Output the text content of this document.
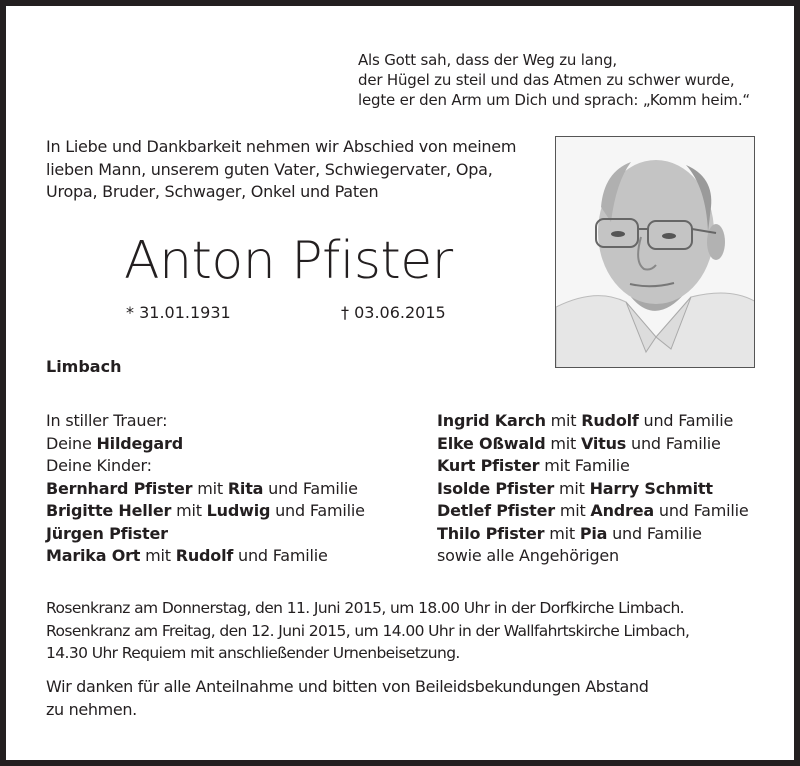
Als Gott sah, dass der Weg zu lang,
der Hügel zu steil und das Atmen zu schwer wurde,
legte er den Arm um Dich und sprach: „Komm heim.“
In Liebe und Dankbarkeit nehmen wir Abschied von meinem
lieben Mann, unserem guten Vater, Schwiegervater, Opa,
Uropa, Bruder, Schwager, Onkel und Paten
Anton Pfister
* 31.01.1931	† 03.06.2015
Limbach
In stiller Trauer:
Deine Hildegard
Deine Kinder:
Bernhard Pfister mit Rita und Familie
Brigitte Heller mit Ludwig und Familie
Jürgen Pfister
Marika Ort mit Rudolf und Familie
Ingrid Karch mit Rudolf und Familie
Elke Oßwald mit Vitus und Familie
Kurt Pfister mit Familie
Isolde Pfister mit Harry Schmitt
Detlef Pfister mit Andrea und Familie
Thilo Pfister mit Pia und Familie
sowie alle Angehörigen
Rosenkranz am Donnerstag, den 11. Juni 2015, um 18.00 Uhr in der Dorfkirche Limbach.
Rosenkranz am Freitag, den 12. Juni 2015, um 14.00 Uhr in der Wallfahrtskirche Limbach,
14.30 Uhr Requiem mit anschließender Urnenbeisetzung.
Wir danken für alle Anteilnahme und bitten von Beileidsbekundungen Abstand
zu nehmen.
